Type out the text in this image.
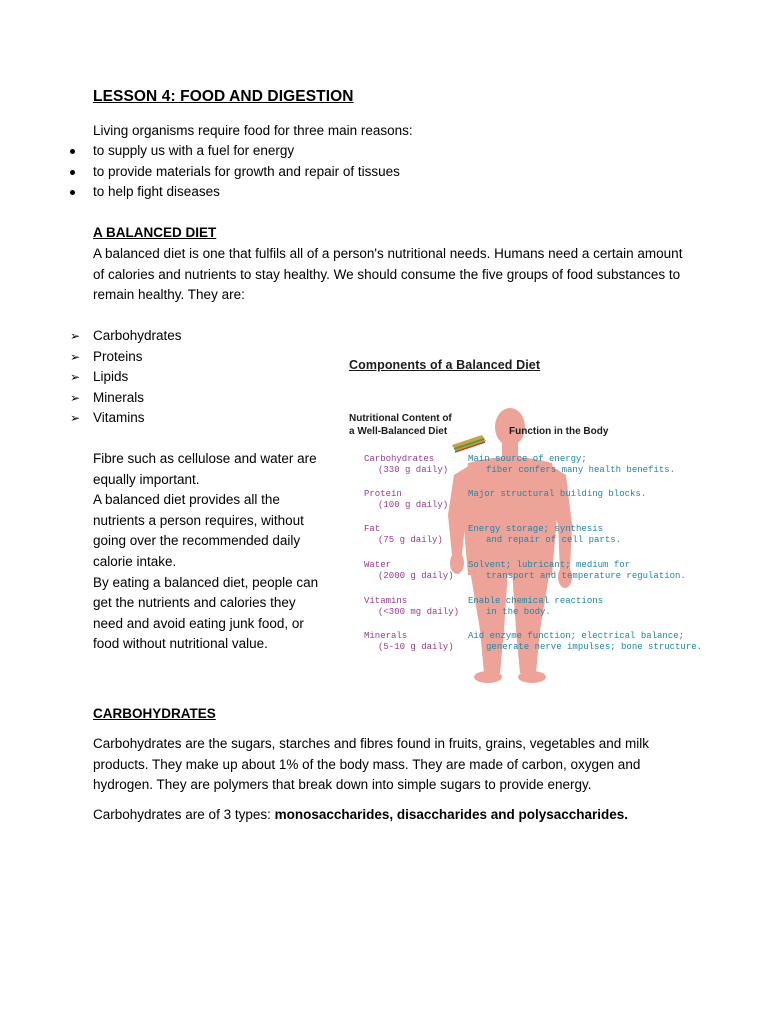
LESSON 4: FOOD AND DIGESTION

Living organisms require food for three main reasons:

to supply us with a fuel for energy
to provide materials for growth and repair of tissues
to help fight diseases

A BALANCED DIET

A balanced diet is one that fulfils all of a person's nutritional needs. Humans need a certain amount of calories and nutrients to stay healthy. We should consume the five groups of food substances to remain healthy. They are:

➢ Carbohydrates
➢ Proteins
➢ Lipids
➢ Minerals
➢ Vitamins
Fibre such as cellulose and water are equally important.
A balanced diet provides all the nutrients a person requires, without going over the recommended daily calorie intake.
By eating a balanced diet, people can get the nutrients and calories they need and avoid eating junk food, or food without nutritional value.
Components of a Balanced Diet
Nutritional Content of
a Well-Balanced Diet	Function in the Body
Carbohydrates
(330 g daily)
Main source of energy;
fiber confers many health benefits.
Protein
(100 g daily)
Major structural building blocks.
Fat
(75 g daily)
Energy storage; synthesis
and repair of cell parts.
Water
(2000 g daily)
Solvent; lubricant; medium for
transport and temperature regulation.
Vitamins
(<300 mg daily)
Enable chemical reactions
in the body.
Minerals
(5-10 g daily)
Aid enzyme function; electrical balance;
generate nerve impulses; bone structure.

CARBOHYDRATES

Carbohydrates are the sugars, starches and fibres found in fruits, grains, vegetables and milk products. They make up about 1% of the body mass. They are made of carbon, oxygen and hydrogen. They are polymers that break down into simple sugars to provide energy.

Carbohydrates are of 3 types: monosaccharides, disaccharides and polysaccharides.
